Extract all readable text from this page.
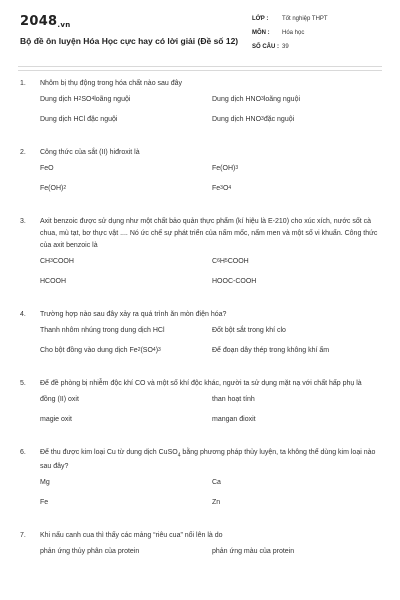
2048.vn
Bộ đề ôn luyện Hóa Học cực hay có lời giải (Đề số 12)
LỚP :	Tốt nghiệp THPT
MÔN :	Hóa học
SỐ CÂU : 39
1.	Nhôm bị thụ động trong hóa chất nào sau đây
Dung dịch H 2 SO 4 loãng nguội	Dung dịch HNO 3 loãng nguội
Dung dịch HCl đặc nguội	Dung dịch HNO 3 đặc nguội
2.	Công thức của sắt (II) hiđroxit là
FeO	Fe(OH) 3
Fe(OH) 2	Fe 3 O 4
3.	Axit benzoic được sử dụng như một chất bảo quản thực phẩm (kí hiệu là E-210) cho xúc xích, nước sốt cà chua, mù tạt, bơ thực vật .... Nó ức chế sự phát triển của nấm mốc, nấm men và một số vi khuẩn. Công thức của axit benzoic là
CH 3 COOH	C 6 H 5 COOH
HCOOH	HOOC-COOH
4.	Trường hợp nào sau đây xảy ra quá trình ăn mòn điện hóa?
Thanh nhôm nhúng trong dung dịch HCl	Đốt bột sắt trong khí clo
Cho bột đồng vào dung dịch Fe 2 (SO 4 ) 3	Để đoạn dây thép trong không khí ẩm
5.	Để đề phòng bị nhiễm độc khí CO và một số khí độc khác, người ta sử dụng mặt nạ với chất hấp phụ là
đồng (II) oxit	than hoạt tính
magie oxit	mangan đioxit
6.	Để thu được kim loại Cu từ dung dịch CuSO$_4$ bằng phương pháp thủy luyện, ta không thể dùng kim loại nào sau đây?
Mg	Ca
Fe	Zn
7.	Khi nấu canh cua thì thấy các mảng “riêu cua” nổi lên là do
phản ứng thủy phân của protein	phản ứng màu của protein
